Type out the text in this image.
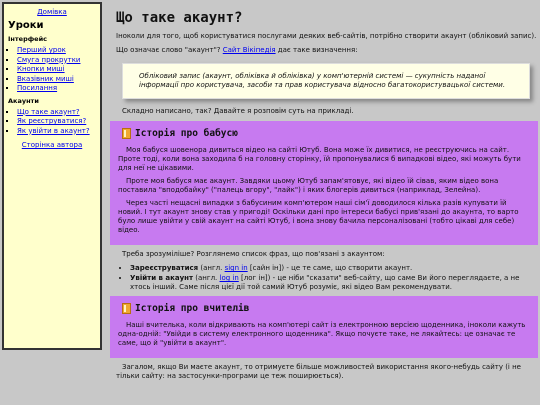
Домівка
Уроки
Інтерфейс
▪ Перший урок
▪ Смуга прокрутки
▪ Кнопки миші
▪ Вказівник миші
▪ Посилання
Акаунти
▪ Що таке акаунт?
▪ Як реєструватися?
▪ Як увійти в акаунт?
Сторінка автора
Що таке акаунт?
Іноколи для того, щоб користуватися послугами деяких веб-сайтів, потрібно створити акаунт (обліковий запис).
Що означає слово "акаунт"? Сайт Вікіпедія дає таке визначення:
Обліковий запис (акаунт, облікiвка й облікiвка) у комп'ютерній системі — сукупність наданої інформації про користувача, засоби та прав користувача відносно багатокористувацької системи.
Складно написано, так? Давайте я розповім суть на прикладі.
Історія про бабусю
Моя бабуся шовенора дивиться відео на сайті Ютуб. Вона може їх дивитися, не реєструючись на сайт. Проте тоді, коли вона заходила б на головну сторінку, їй пропонувалися б випадкові відео, які можуть бути для неї не цікавими.
Проте моя бабуся має акаунт. Завдяки цьому Ютуб запам'ятовує, які відео їй сівав, яким відео вона поставила "вподобайку" ("палець вгору", "лайк") і яких блогерів дивиться (наприклад, Зелейна).
Через часті нещасні випадки з бабусиним комп'ютером наші сім'ї доводилося кілька разів купувати їй новий. І тут акаунт знову став у пригоді! Оскільки дані про інтереси бабусі прив'язані до акаунта, то варто було лише увійти у свій акаунт на сайті Ютуб, і вона знову бачила персоналізовані (тобто цікаві для себе) відео.
Треба зрозуміліше? Розглянемо список фраз, що пов'язані з акаунтом:
• Зареєструватися (англ. sign in [сайн ін]) - це те саме, що створити акаунт.
• Увійти в акаунт (англ. log in [лог ін]) - це ніби "сказати" веб-сайту, що саме Ви його переглядаєте, а не хтось інший. Саме після цієї дії той самий Ютуб розуміє, які відео Вам рекомендувати.
Історія про вчителів
Наші вчителька, коли відкривають на комп'ютері сайт із електронною версією щоденника, іноколи кажуть одна-одній: "Увійди в систему електронного щоденника". Якщо почуєте таке, не лякайтесь: це означає те саме, що й "увійти в акаунт".
Загалом, якщо Ви маєте акаунт, то отримуєте більше можливостей використання якого-небудь сайту (і не тільки сайту: на застосунки-програми це теж поширюється).
